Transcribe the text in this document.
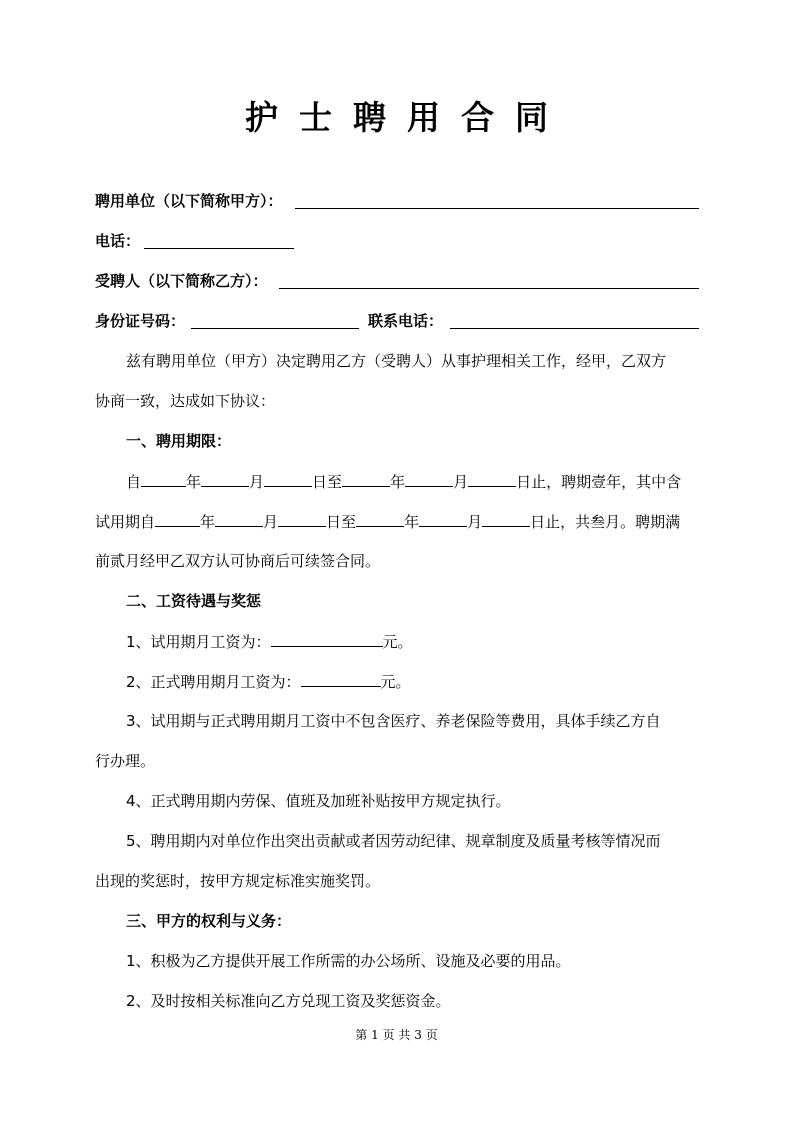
护士聘用合同
聘用单位（以下简称甲方）：
电话：
受聘人（以下简称乙方）：
身份证号码：	联系电话：
兹有聘用单位（甲方）决定聘用乙方（受聘人）从事护理相关工作，经甲，乙双方
协商一致，达成如下协议：
一、聘用期限：
自	年	月	日至	年	月	日止，聘期壹年，其中含
试用期自	年	月	日至	年	月	日止，共叁月。聘期满
前贰月经甲乙双方认可协商后可续签合同。
二、工资待遇与奖惩
1、试用期月工资为：	元。
2、正式聘用期月工资为：	元。
3、试用期与正式聘用期月工资中不包含医疗、养老保险等费用，具体手续乙方自
行办理。
4、正式聘用期内劳保、值班及加班补贴按甲方规定执行。
5、聘用期内对单位作出突出贡献或者因劳动纪律、规章制度及质量考核等情况而
出现的奖惩时，按甲方规定标准实施奖罚。
三、甲方的权利与义务：
1、积极为乙方提供开展工作所需的办公场所、设施及必要的用品。
2、及时按相关标准向乙方兑现工资及奖惩资金。
第 1 页 共 3 页
